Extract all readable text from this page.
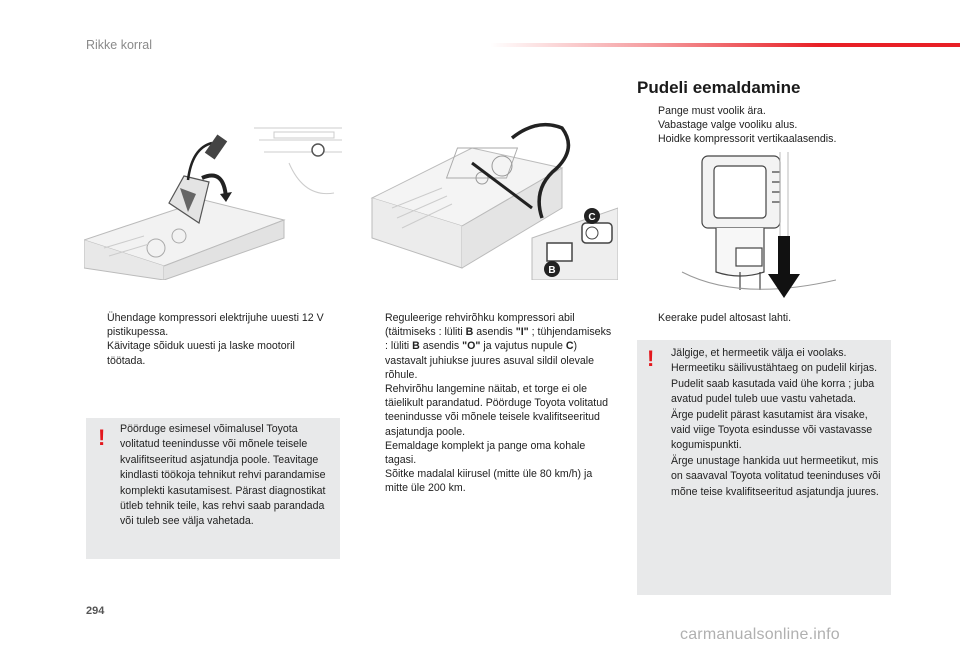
Rikke korral
C
B
Ühendage kompressori elektrijuhe uuesti 12 V pistikupessa.
Käivitage sõiduk uuesti ja laske mootoril töötada.
! Pöörduge esimesel võimalusel Toyota volitatud teenindusse või mõnele teisele kvalifitseeritud asjatundja poole. Teavitage kindlasti töökoja tehnikut rehvi parandamise komplekti kasutamisest. Pärast diagnostikat ütleb tehnik teile, kas rehvi saab parandada või tuleb see välja vahetada.

Reguleerige rehvirõhku kompressori abil (täitmiseks : lüliti B asendis "I" ; tühjendamiseks : lüliti B asendis "O" ja vajutus nupule C) vastavalt juhiukse juures asuval sildil olevale rõhule.
Rehvirõhu langemine näitab, et torge ei ole täielikult parandatud. Pöörduge Toyota volitatud teenindusse või mõnele teisele kvalifitseeritud asjatundja poole.
Eemaldage komplekt ja pange oma kohale tagasi.
Sõitke madalal kiirusel (mitte üle 80 km/h) ja mitte üle 200 km.
Pudeli eemaldamine
Pange must voolik ära.
Vabastage valge vooliku alus.
Hoidke kompressorit vertikaalasendis.
Keerake pudel altosast lahti.
! Jälgige, et hermeetik välja ei voolaks. Hermeetiku säilivustähtaeg on pudelil kirjas.

Pudelit saab kasutada vaid ühe korra ; juba avatud pudel tuleb uue vastu vahetada.

Ärge pudelit pärast kasutamist ära visake, vaid viige Toyota esindusse või vastavasse kogumispunkti.

Ärge unustage hankida uut hermeetikut, mis on saavaval Toyota volitatud teeninduses või mõne teise kvalifitseeritud asjatundja juures.

294
carmanualsonline.info
